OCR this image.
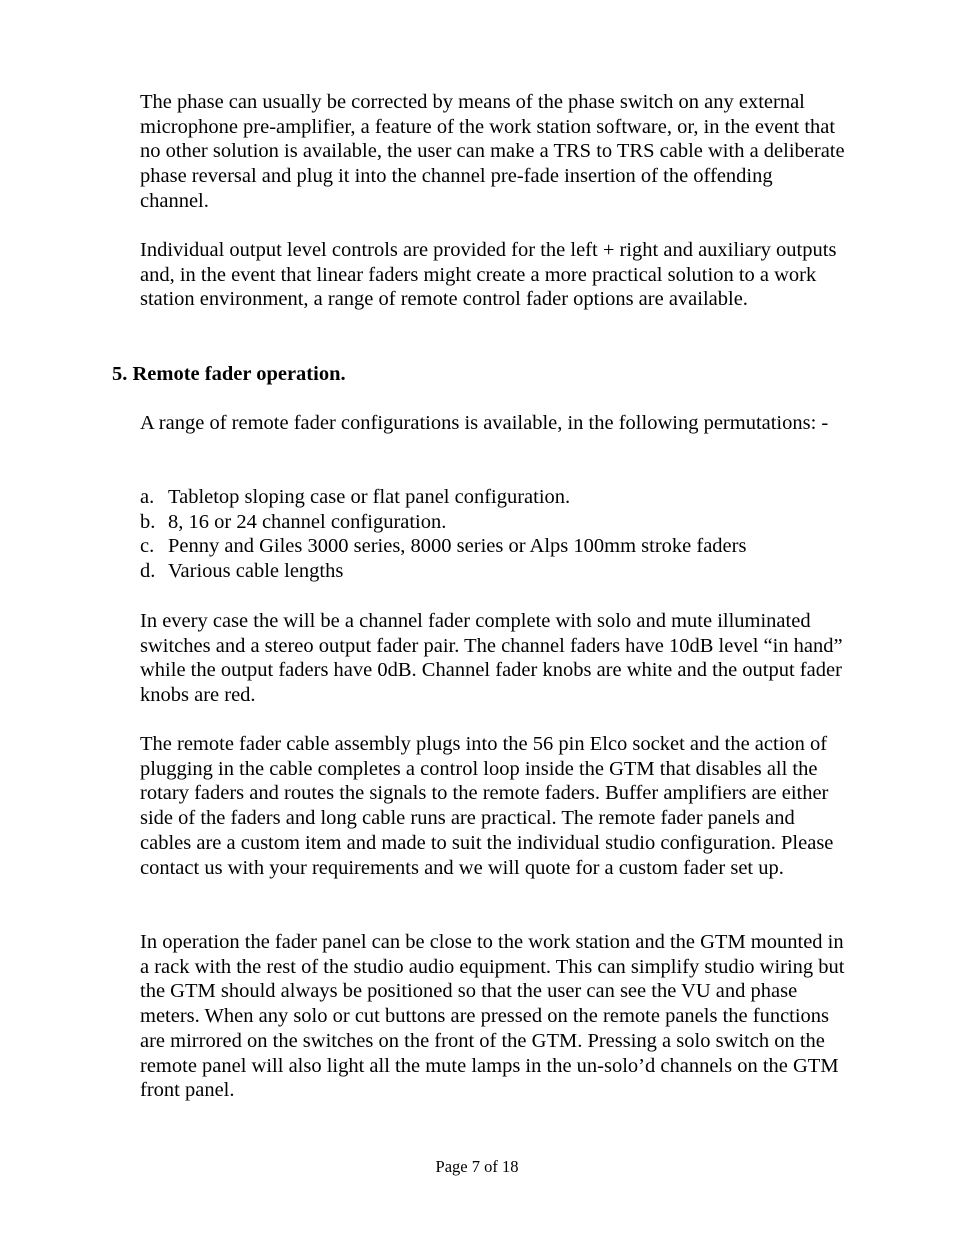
The phase can usually be corrected by means of the phase switch on any external microphone pre-amplifier, a feature of the work station software, or, in the event that no other solution is available, the user can make a TRS to TRS cable with a deliberate phase reversal and plug it into the channel pre-fade insertion of the offending channel.

Individual output level controls are provided for the left + right and auxiliary outputs and, in the event that linear faders might create a more practical solution to a work station environment, a range of remote control fader options are available.

5. Remote fader operation.

A range of remote fader configurations is available, in the following permutations: -

a. Tabletop sloping case or flat panel configuration.
b. 8, 16 or 24 channel configuration.
c. Penny and Giles 3000 series, 8000 series or Alps 100mm stroke faders
d. Various cable lengths

In every case the will be a channel fader complete with solo and mute illuminated switches and a stereo output fader pair. The channel faders have 10dB level “in hand” while the output faders have 0dB. Channel fader knobs are white and the output fader knobs are red.

The remote fader cable assembly plugs into the 56 pin Elco socket and the action of plugging in the cable completes a control loop inside the GTM that disables all the rotary faders and routes the signals to the remote faders. Buffer amplifiers are either side of the faders and long cable runs are practical. The remote fader panels and cables are a custom item and made to suit the individual studio configuration. Please contact us with your requirements and we will quote for a custom fader set up.

In operation the fader panel can be close to the work station and the GTM mounted in a rack with the rest of the studio audio equipment. This can simplify studio wiring but the GTM should always be positioned so that the user can see the VU and phase meters. When any solo or cut buttons are pressed on the remote panels the functions are mirrored on the switches on the front of the GTM. Pressing a solo switch on the remote panel will also light all the mute lamps in the un-solo’d channels on the GTM front panel.

Page 7 of 18
